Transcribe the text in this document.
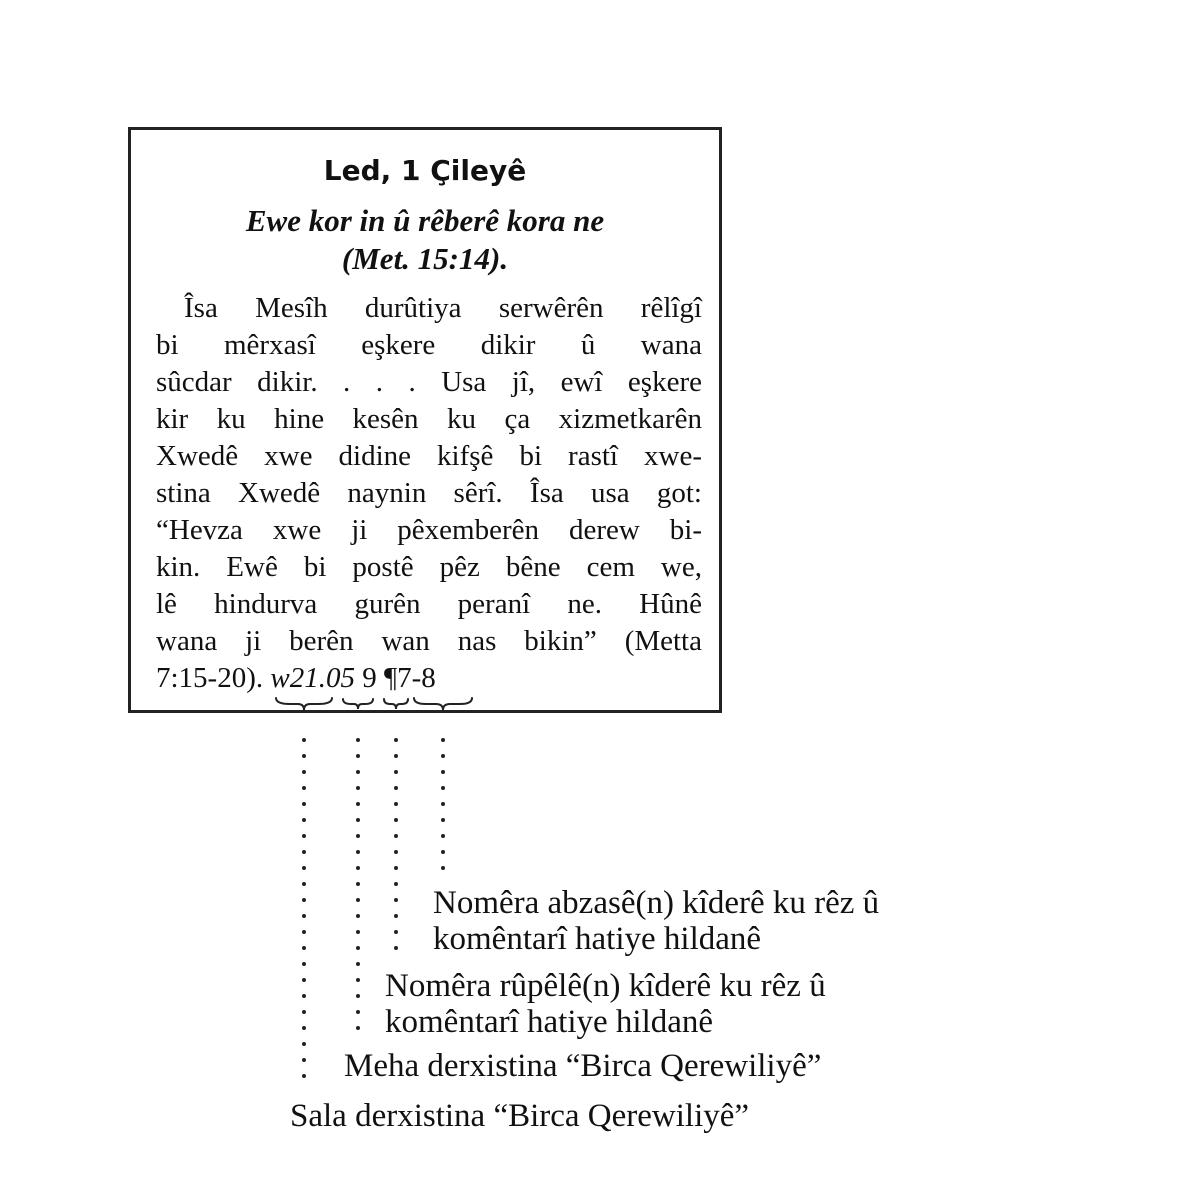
Led, 1 Çileyê
Ewe kor in û rêberê kora ne
(Met. 15:14).
Îsa Mesîh durûtiya serwêrên rêlîgî
bi mêrxasî eşkere dikir û wana
sûcdar dikir. . . . Usa jî, ewî eşkere
kir ku hine kesên ku ça xizmetkarên
Xwedê xwe didine kifşê bi rastî xwe-
stina Xwedê naynin sêrî. Îsa usa got:
“Hevza xwe ji pêxemberên derew bi-
kin. Ewê bi postê pêz bêne cem we,
lê hindurva gurên peranî ne. Hûnê
wana ji berên wan nas bikin” (Metta
7:15-20). w21.05 9 ¶7-8
Nomêra abzasê(n) kîderê ku rêz û
komêntarî hatiye hildanê
Nomêra rûpêlê(n) kîderê ku rêz û
komêntarî hatiye hildanê
Meha derxistina “Birca Qerewiliyê”
Sala derxistina “Birca Qerewiliyê”
